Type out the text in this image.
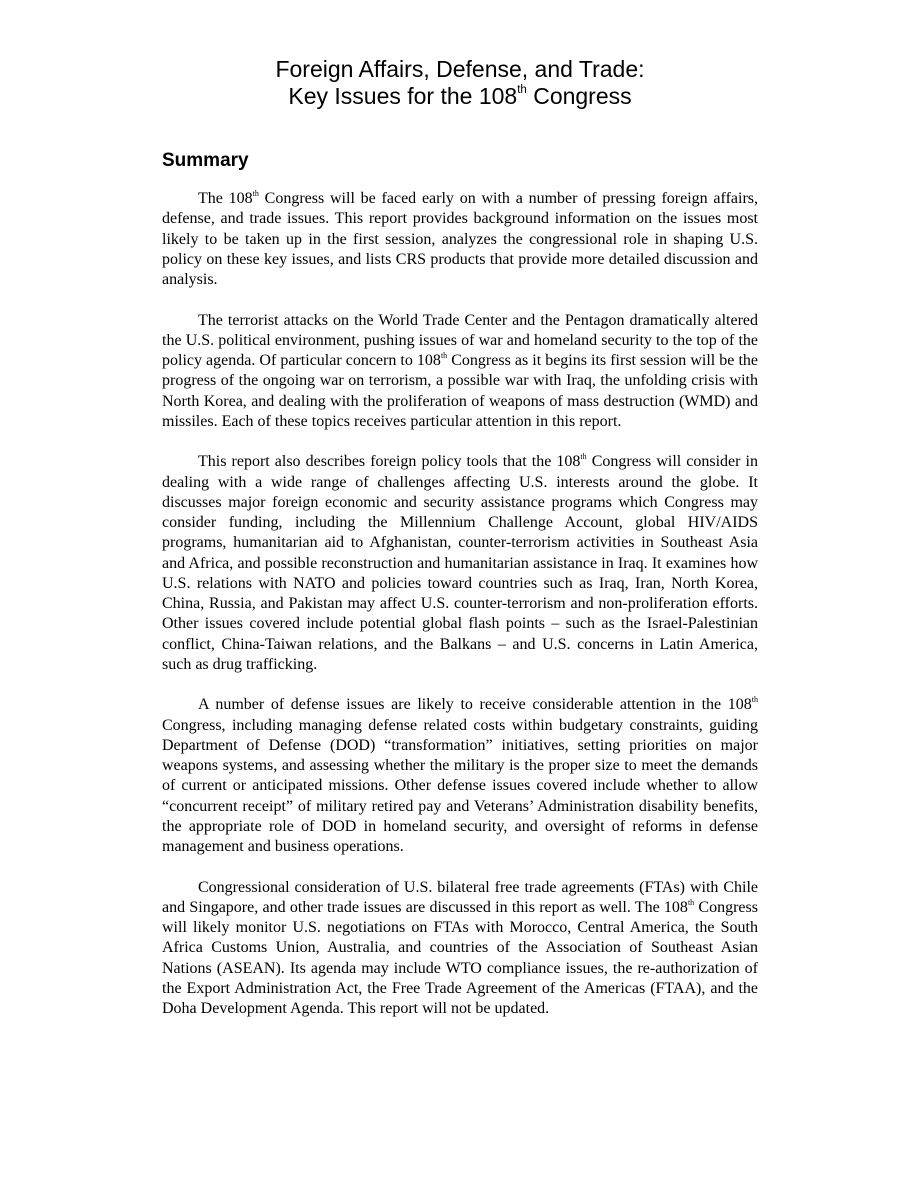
Foreign Affairs, Defense, and Trade:
Key Issues for the 108th Congress
Summary

The 108th Congress will be faced early on with a number of pressing foreign affairs, defense, and trade issues. This report provides background information on the issues most likely to be taken up in the first session, analyzes the congressional role in shaping U.S. policy on these key issues, and lists CRS products that provide more detailed discussion and analysis.

The terrorist attacks on the World Trade Center and the Pentagon dramatically altered the U.S. political environment, pushing issues of war and homeland security to the top of the policy agenda. Of particular concern to 108th Congress as it begins its first session will be the progress of the ongoing war on terrorism, a possible war with Iraq, the unfolding crisis with North Korea, and dealing with the proliferation of weapons of mass destruction (WMD) and missiles. Each of these topics receives particular attention in this report.

This report also describes foreign policy tools that the 108th Congress will consider in dealing with a wide range of challenges affecting U.S. interests around the globe. It discusses major foreign economic and security assistance programs which Congress may consider funding, including the Millennium Challenge Account, global HIV/AIDS programs, humanitarian aid to Afghanistan, counter-terrorism activities in Southeast Asia and Africa, and possible reconstruction and humanitarian assistance in Iraq. It examines how U.S. relations with NATO and policies toward countries such as Iraq, Iran, North Korea, China, Russia, and Pakistan may affect U.S. counter-terrorism and non-proliferation efforts. Other issues covered include potential global flash points – such as the Israel-Palestinian conflict, China-Taiwan relations, and the Balkans – and U.S. concerns in Latin America, such as drug trafficking.

A number of defense issues are likely to receive considerable attention in the 108th Congress, including managing defense related costs within budgetary constraints, guiding Department of Defense (DOD) “transformation” initiatives, setting priorities on major weapons systems, and assessing whether the military is the proper size to meet the demands of current or anticipated missions. Other defense issues covered include whether to allow “concurrent receipt” of military retired pay and Veterans’ Administration disability benefits, the appropriate role of DOD in homeland security, and oversight of reforms in defense management and business operations.

Congressional consideration of U.S. bilateral free trade agreements (FTAs) with Chile and Singapore, and other trade issues are discussed in this report as well. The 108th Congress will likely monitor U.S. negotiations on FTAs with Morocco, Central America, the South Africa Customs Union, Australia, and countries of the Association of Southeast Asian Nations (ASEAN). Its agenda may include WTO compliance issues, the re-authorization of the Export Administration Act, the Free Trade Agreement of the Americas (FTAA), and the Doha Development Agenda. This report will not be updated.
